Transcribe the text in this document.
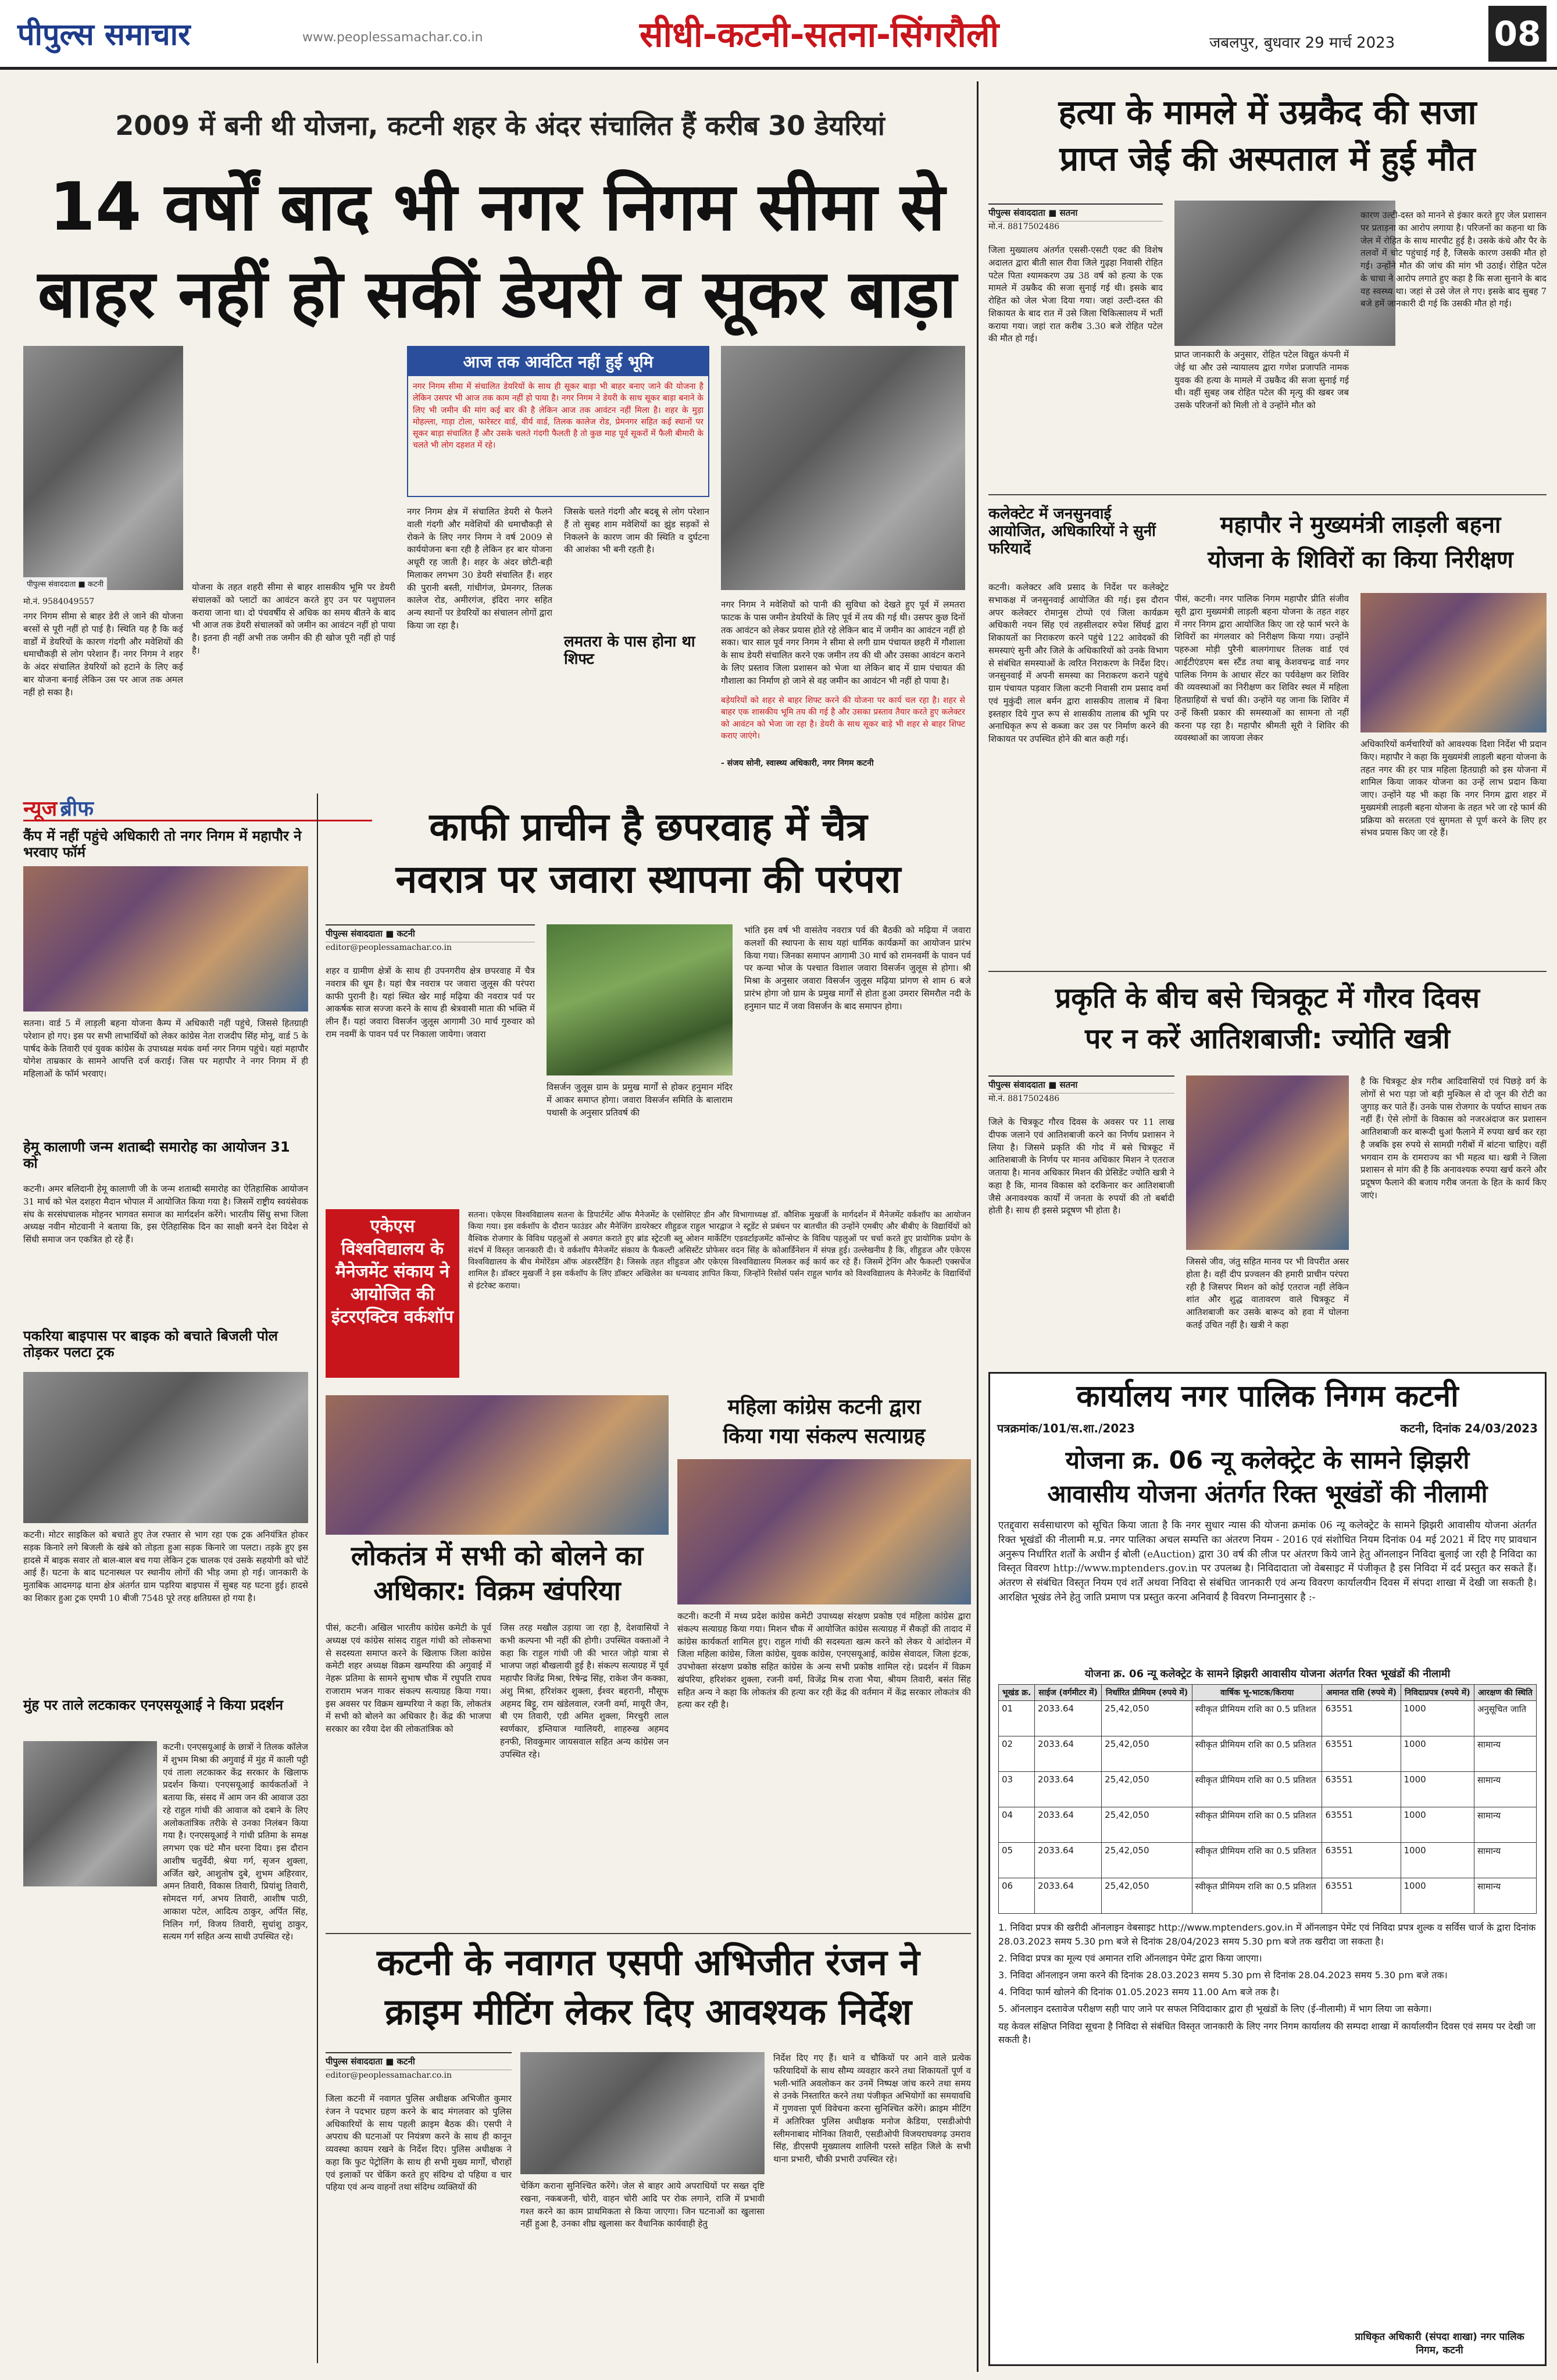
पीपुल्स समाचार	www.peoplessamachar.co.in	सीधी-कटनी-सतना-सिंगरौली	जबलपुर, बुधवार 29 मार्च 2023	08
2009 में बनी थी योजना, कटनी शहर के अंदर संचालित हैं करीब 30 डेयरियां
14 वर्षों बाद भी नगर निगम सीमा से
बाहर नहीं हो सकीं डेयरी व सूकर बाड़ा
पीपुल्स संवाददाता ■ कटनी
आज तक आवंटित नहीं हुई भूमि
नगर निगम सीमा में संचालित डेयरियों के साथ ही सूकर बाड़ा भी बाहर बनाए जाने की योजना है लेकिन उसपर भी आज तक काम नहीं हो पाया है। नगर निगम ने डेयरी के साथ सूकर बाड़ा बनाने के लिए भी जमीन की मांग कई बार की है लेकिन आज तक आवंटन नहीं मिला है। शहर के मुड़ा मोहल्ला, गाड़ा टोला, फारेस्टर वार्ड, वीर्य वार्ड, तिलक कालेज रोड, प्रेमनगर सहित कई स्थानों पर सूकर बाड़ा संचालित हैं और उसके चलते गंदगी फैलती है तो कुछ माह पूर्व सूकरों में फैली बीमारी के चलते भी लोग दहशत में रहे।
मो.नं. 9584049557
नगर निगम सीमा से बाहर डेरी ले जाने की योजना बरसों से पूरी नहीं हो पाई है। स्थिति यह है कि कई वार्डों में डेयरियों के कारण गंदगी और मवेशियों की धमाचौकड़ी से लोग परेशान हैं। नगर निगम ने शहर के अंदर संचालित डेयरियों को हटाने के लिए कई बार योजना बनाई लेकिन उस पर आज तक अमल नहीं हो सका है।
योजना के तहत शहरी सीमा से बाहर शासकीय भूमि पर डेयरी संचालकों को प्लाटों का आवंटन करते हुए उन पर पशुपालन कराया जाना था। दो पंचवर्षीय से अधिक का समय बीतने के बाद भी आज तक डेयरी संचालकों को जमीन का आवंटन नहीं हो पाया है। इतना ही नहीं अभी तक जमीन की ही खोज पूरी नहीं हो पाई है।
नगर निगम क्षेत्र में संचालित डेयरी से फैलने वाली गंदगी और मवेशियों की धमाचौकड़ी से रोकने के लिए नगर निगम ने वर्ष 2009 से कार्ययोजना बना रही है लेकिन हर बार योजना अधूरी रह जाती है। शहर के अंदर छोटी-बड़ी मिलाकर लगभग 30 डेयरी संचालित हैं। शहर की पुरानी बस्ती, गांधीगंज, प्रेमनगर, तिलक कालेज रोड, अमीरगंज, इंदिरा नगर सहित अन्य स्थानों पर डेयरियों का संचालन लोगों द्वारा किया जा रहा है।
जिसके चलते गंदगी और बदबू से लोग परेशान हैं तो सुबह शाम मवेशियों का झुंड सड़कों से निकलने के कारण जाम की स्थिति व दुर्घटना की आशंका भी बनी रहती है।
लमतरा के पास होना था शिफ्ट
नगर निगम ने मवेशियों को पानी की सुविधा को देखते हुए पूर्व में लमतरा फाटक के पास जमीन डेयरियों के लिए पूर्व में तय की गई थी। उसपर कुछ दिनों तक आवंटन को लेकर प्रयास होते रहे लेकिन बाद में जमीन का आवंटन नहीं हो सका। चार साल पूर्व नगर निगम ने सीमा से लगी ग्राम पंचायत छहरी में गौशाला के साथ डेयरी संचालित करने एक जमीन तय की थी और उसका आवंटन कराने के लिए प्रस्ताव जिला प्रशासन को भेजा था लेकिन बाद में ग्राम पंचायत की गौशाला का निर्माण हो जाने से वह जमीन का आवंटन भी नहीं हो पाया है।
बड़ेयरियों को शहर से बाहर शिफ्ट करने की योजना पर कार्य चल रहा है। शहर से बाहर एक शासकीय भूमि तय की गई है और उसका प्रस्ताव तैयार करते हुए कलेक्टर को आवंटन को भेजा जा रहा है। डेयरी के साथ सूकर बाड़े भी शहर से बाहर शिफ्ट कराए जाएंगे।
- संजय सोनी, स्वास्थ्य अधिकारी, नगर निगम कटनी
हत्या के मामले में उम्रकैद की सजा
प्राप्त जेई की अस्पताल में हुई मौत
पीपुल्स संवाददाता ■ सतना
मो.नं. 8817502486
जिला मुख्यालय अंतर्गत एससी-एसटी एक्ट की विशेष अदालत द्वारा बीती साल रीवा जिले गुढ़हा निवासी रोहित पटेल पिता श्यामकरण उम्र 38 वर्ष को हत्या के एक मामले में उम्रकैद की सजा सुनाई गई थी। इसके बाद रोहित को जेल भेजा दिया गया। जहां उल्टी-दस्त की शिकायत के बाद रात में उसे जिला चिकित्सालय में भर्ती कराया गया। जहां रात करीब 3.30 बजे रोहित पटेल की मौत हो गई।
प्राप्त जानकारी के अनुसार, रोहित पटेल विद्युत कंपनी में जेई था और उसे न्यायालय द्वारा गणेश प्रजापति नामक युवक की हत्या के मामले में उम्रकैद की सजा सुनाई गई थी। वहीं सुबह जब रोहित पटेल की मृत्यु की खबर जब उसके परिजनों को मिली तो वे उन्होंने मौत को
कारण उल्टी-दस्त को मानने से इंकार करते हुए जेल प्रशासन पर प्रताड़ना का आरोप लगाया है। परिजनों का कहना था कि जेल में रोहित के साथ मारपीट हुई है। उसके कंधे और पैर के तलवों में चोट पहुंचाई गई है, जिसके कारण उसकी मौत हो गई। उन्होंने मौत की जांच की मांग भी उठाई। रोहित पटेल के चाचा ने आरोप लगाते हुए कहा है कि सजा सुनाने के बाद वह स्वस्थ्य था। जहां से उसे जेल ले गए। इसके बाद सुबह 7 बजे हमें जानकारी दी गई कि उसकी मौत हो गई।
कलेक्टेट में जनसुनवाई आयोजित, अधिकारियों ने सुनीं फरियादें
कटनी। कलेक्टर अवि प्रसाद के निर्देश पर कलेक्ट्रेट सभाकक्ष में जनसुनवाई आयोजित की गई। इस दौरान अपर कलेक्टर रोमानुस टोप्पो एवं जिला कार्यक्रम अधिकारी नयन सिंह एवं तहसीलदार रुपेश सिंघई द्वारा शिकायतों का निराकरण करने पहुंचे 122 आवेदकों की समस्याएं सुनी और जिले के अधिकारियों को उनके विभाग से संबंधित समस्याओं के त्वरित निराकरण के निर्देश दिए। जनसुनवाई में अपनी समस्या का निराकरण कराने पहुंचे ग्राम पंचायत पड़वार जिला कटनी निवासी राम प्रसाद वर्मा एवं मुकुंदी लाल बर्मन द्वारा शासकीय तालाब में बिना इस्तहार दिये गुप्त रूप से शासकीय तालाब की भूमि पर अनाधिकृत रूप से कब्जा कर उस पर निर्माण करने की शिकायत पर उपस्थित होने की बात कही गई।
महापौर ने मुख्यमंत्री लाड़ली बहना
योजना के शिविरों का किया निरीक्षण
पीसं, कटनी। नगर पालिक निगम महापौर प्रीति संजीव सूरी द्वारा मुख्यमंत्री लाड़ली बहना योजना के तहत शहर में नगर निगम द्वारा आयोजित किए जा रहे फार्म भरने के शिविरों का मंगलवार को निरीक्षण किया गया। उन्होंने पहरुआ मोड़ी पुरैनी बालगंगाधर तिलक वार्ड एवं आईटीएंडएम बस स्टैंड तथा बाबू केशवचन्द्र वार्ड नगर पालिक निगम के आधार सेंटर का पर्यवेक्षण कर शिविर की व्यवस्थाओं का निरीक्षण कर शिविर स्थल में महिला हितग्राहियों से चर्चा की। उन्होंने यह जाना कि शिविर में उन्हें किसी प्रकार की समस्याओं का सामना तो नहीं करना पड़ रहा है। महापौर श्रीमती सूरी ने शिविर की व्यवस्थाओं का जायजा लेकर
अधिकारियों कर्मचारियों को आवश्यक दिशा निर्देश भी प्रदान किए। महापौर ने कहा कि मुख्यमंत्री लाड़ली बहना योजना के तहत नगर की हर पात्र महिला हितग्राही को इस योजना में शामिल किया जाकर योजना का उन्हें लाभ प्रदान किया जाए। उन्होंने यह भी कहा कि नगर निगम द्वारा शहर में मुख्यमंत्री लाड़ली बहना योजना के तहत भरे जा रहे फार्म की प्रक्रिया को सरलता एवं सुगमता से पूर्ण करने के लिए हर संभव प्रयास किए जा रहे हैं।
प्रकृति के बीच बसे चित्रकूट में गौरव दिवस
पर न करें आतिशबाजी: ज्योति खत्री
पीपुल्स संवाददाता ■ सतना
मो.नं. 8817502486
जिले के चित्रकूट गौरव दिवस के अवसर पर 11 लाख दीपक जलाने एवं आतिशबाजी करने का निर्णय प्रशासन ने लिया है। जिसमे प्रकृति की गोद में बसे चित्रकूट में आतिशबाजी के निर्णय पर मानव अधिकार मिशन ने एतराज जताया है। मानव अधिकार मिशन की प्रेसिडेंट ज्योति खत्री ने कहा है कि, मानव विकास को दरकिनार कर आतिशबाजी जैसे अनावश्यक कार्यों में जनता के रुपयों की तो बर्बादी होती है। साथ ही इससे प्रदूषण भी होता है।
जिससे जीव, जंतु सहित मानव पर भी विपरीत असर होता है। वहीं दीप प्रज्वलन की हमारी प्राचीन परंपरा रही है जिसपर मिशन को कोई एतराज नहीं लेकिन शांत और शुद्ध वातावरण वाले चित्रकूट में आतिशबाजी कर उसके बारूद को हवा में घोलना कतई उचित नहीं है। खत्री ने कहा
है कि चित्रकूट क्षेत्र गरीब आदिवासियों एवं पिछड़े वर्ग के लोगों से भरा पड़ा जो बड़ी मुश्किल से दो जून की रोटी का जुगाड़ कर पाते हैं। उनके पास रोजगार के पर्याप्त साधन तक नहीं हैं। ऐसे लोगों के विकास को नजरअंदाज कर प्रशासन आतिशबाजी कर बारूदी धुआं फैलाने में रुपया खर्च कर रहा है जबकि इस रुपये से सामग्री गरीबों में बांटना चाहिए। वहीं भगवान राम के रामराज्य का भी महत्व था। खत्री ने जिला प्रशासन से मांग की है कि अनावश्यक रुपया खर्च करने और प्रदूषण फैलाने की बजाय गरीब जनता के हित के कार्य किए जाएं।
कार्यालय नगर पालिक निगम कटनी
पत्रक्रमांक/101/स.शा./2023	कटनी, दिनांक 24/03/2023
योजना क्र. 06 न्यू कलेक्ट्रेट के सामने झिझरी
आवासीय योजना अंतर्गत रिक्त भूखंडों की नीलामी
एतद्द्वारा सर्वसाधारण को सूचित किया जाता है कि नगर सुधार न्यास की योजना क्रमांक 06 न्यू कलेक्ट्रेट के सामने झिझरी आवासीय योजना अंतर्गत रिक्त भूखंडों की नीलामी म.प्र. नगर पालिका अचल सम्पत्ति का अंतरण नियम - 2016 एवं संशोधित नियम दिनांक 04 मई 2021 में दिए गए प्रावधान अनुरूप निर्धारित शर्तों के अधीन ई बोली (eAuction) द्वारा 30 वर्ष की लीज पर अंतरण किये जाने हेतु ऑनलाइन निविदा बुलाई जा रही है निविदा का विस्तृत विवरण http://www.mptenders.gov.in पर उपलब्ध है। निविदादाता जो वेबसाइट में पंजीकृत है इस निविदा में दर्द प्रस्तुत कर सकते हैं। अंतरण से संबंधित विस्तृत नियम एवं शर्तें अथवा निविदा से संबंधित जानकारी एवं अन्य विवरण कार्यालयीन दिवस में संपदा शाखा में देखी जा सकती है। आरक्षित भूखंड लेने हेतु जाति प्रमाण पत्र प्रस्तुत करना अनिवार्य है विवरण निम्नानुसार है :-
योजना क्र. 06 न्यू कलेक्ट्रेट के सामने झिझरी आवासीय योजना अंतर्गत रिक्त भूखंडों की नीलामी
भूखंड क्र.	साईज (वर्गमीटर में)	निर्धारित प्रीमियम (रुपये में)	वार्षिक भू-भाटक/किराया	अमानत राशि (रुपये में)	निविदाप्रपत्र (रुपये में)	आरक्षण की स्थिति
01	2033.64	25,42,050	स्वीकृत प्रीमियम राशि का 0.5 प्रतिशत	63551	1000	अनुसूचित जाति
02	2033.64	25,42,050	स्वीकृत प्रीमियम राशि का 0.5 प्रतिशत	63551	1000	सामान्य
03	2033.64	25,42,050	स्वीकृत प्रीमियम राशि का 0.5 प्रतिशत	63551	1000	सामान्य
04	2033.64	25,42,050	स्वीकृत प्रीमियम राशि का 0.5 प्रतिशत	63551	1000	सामान्य
05	2033.64	25,42,050	स्वीकृत प्रीमियम राशि का 0.5 प्रतिशत	63551	1000	सामान्य
06	2033.64	25,42,050	स्वीकृत प्रीमियम राशि का 0.5 प्रतिशत	63551	1000	सामान्य
1. निविदा प्रपत्र की खरीदी ऑनलाइन वेबसाइट http://www.mptenders.gov.in में ऑनलाइन पेमेंट एवं निविदा प्रपत्र शुल्क व सर्विस चार्ज के द्वारा दिनांक 28.03.2023 समय 5.30 pm बजे से दिनांक 28/04/2023 समय 5.30 pm बजे तक खरीदा जा सकता है।
2. निविदा प्रपत्र का मूल्य एवं अमानत राशि ऑनलाइन पेमेंट द्वारा किया जाएगा।
3. निविदा ऑनलाइन जमा करने की दिनांक 28.03.2023 समय 5.30 pm से दिनांक 28.04.2023 समय 5.30 pm बजे तक।
4. निविदा फार्म खोलने की दिनांक 01.05.2023 समय 11.00 Am बजे तक है।
5. ऑनलाइन दस्तावेज परीक्षण सही पाए जाने पर सफल निविदाकार द्वारा ही भूखंडों के लिए (ई-नीलामी) में भाग लिया जा सकेगा।
यह केवल संक्षिप्त निविदा सूचना है निविदा से संबंधित विस्तृत जानकारी के लिए नगर निगम कार्यालय की सम्पदा शाखा में कार्यालयीन दिवस एवं समय पर देखी जा सकती है।
प्राधिकृत अधिकारी (संपदा शाखा) नगर पालिक निगम, कटनी
न्यूज ब्रीफ
कैंप में नहीं पहुंचे अधिकारी तो नगर निगम में महापौर ने भरवाए फॉर्म
सतना। वार्ड 5 में लाड़ली बहना योजना कैम्प में अधिकारी नहीं पहुंचे, जिससे हितग्राही परेशान हो गए। इस पर सभी लाभार्थियों को लेकर कांग्रेस नेता राजदीप सिंह मोनू, वार्ड 5 के पार्षद केके तिवारी एवं युवक कांग्रेस के उपाध्यक्ष मयंक वर्मा नगर निगम पहुंचे। यहां महापौर योगेश ताम्रकार के सामने आपत्ति दर्ज कराई। जिस पर महापौर ने नगर निगम में ही महिलाओं के फॉर्म भरवाए।
हेमू कालाणी जन्म शताब्दी समारोह का आयोजन 31 को
कटनी। अमर बलिदानी हेमू कालाणी जी के जन्म शताब्दी समारोह का ऐतिहासिक आयोजन 31 मार्च को भेल दशहरा मैदान भोपाल में आयोजित किया गया है। जिसमें राष्ट्रीय स्वयंसेवक संघ के सरसंघचालक मोहनर भागवत समाज का मार्गदर्शन करेंगे। भारतीय सिंधु सभा जिला अध्यक्ष नवीन मोटवानी ने बताया कि, इस ऐतिहासिक दिन का साक्षी बनने देश विदेश से सिंधी समाज जन एकत्रित हो रहे हैं।
पकरिया बाइपास पर बाइक को बचाते बिजली पोल तोड़कर पलटा ट्रक
कटनी। मोटर साइकिल को बचाते हुए तेज रफ्तार से भाग रहा एक ट्रक अनियंत्रित होकर सड़क किनारे लगे बिजली के खंबे को तोड़ता हुआ सड़क किनारे जा पलटा। तड़के हुए इस हादसे में बाइक सवार तो बाल-बाल बच गया लेकिन ट्रक चालक एवं उसके सहयोगी को चोटें आई हैं। घटना के बाद घटनास्थल पर स्थानीय लोगों की भीड़ जमा हो गई। जानकारी के मुताबिक आदमगढ़ थाना क्षेत्र अंतर्गत ग्राम पड़रिया बाइपास में सुबह यह घटना हुई। हादसे का शिकार हुआ ट्रक एमपी 10 बीजी 7548 पूरे तरह क्षतिग्रस्त हो गया है।
मुंह पर ताले लटकाकर एनएसयूआई ने किया प्रदर्शन
कटनी। एनएसयूआई के छात्रों ने तिलक कॉलेज में शुभम मिश्रा की अगुवाई में मुंह में काली पट्टी एवं ताला लटकाकर केंद्र सरकार के खिलाफ प्रदर्शन किया। एनएसयूआई कार्यकर्ताओं ने बताया कि, संसद में आम जन की आवाज उठा रहे राहुल गांधी की आवाज को दबाने के लिए अलोकतांत्रिक तरीके से उनका निलंबन किया गया है। एनएसयूआई ने गांधी प्रतिमा के समक्ष लगभग एक घंटे मौन धरना दिया। इस दौरान आशीष चतुर्वेदी, श्रेया गर्ग, सृजन शुक्ला, अर्जित खरे, आशुतोष दुबे, शुभम अहिरवार, अमन तिवारी, विकास तिवारी, प्रियांशु तिवारी, सोमदत्त गर्ग, अभय तिवारी, आशीष पाठी, आकाश पटेल, आदित्य ठाकुर, अर्पित सिंह, निलिन गर्ग, विजय तिवारी, सुधांशु ठाकुर, सत्यम गर्ग सहित अन्य साथी उपस्थित रहे।
काफी प्राचीन है छपरवाह में चैत्र
नवरात्र पर जवारा स्थापना की परंपरा
पीपुल्स संवाददाता ■ कटनी
editor@peoplessamachar.co.in
शहर व ग्रामीण क्षेत्रों के साथ ही उपनगरीय क्षेत्र छपरवाह में चैत्र नवरात्र की धूम है। यहां चैत्र नवरात्र पर जवारा जुलूस की परंपरा काफी पुरानी है। यहां स्थित खेर माई मढ़िया की नवरात्र पर्व पर आकर्षक साज सज्जा करने के साथ ही श्रेत्रवासी माता की भक्ति में लीन हैं। यहां जवारा विसर्जन जुलूस आगामी 30 मार्च गुरुवार को राम नवमीं के पावन पर्व पर निकाला जायेगा। जवारा
विसर्जन जुलूस ग्राम के प्रमुख मार्गों से होकर हनुमान मंदिर में आकर समाप्त होगा। जवारा विसर्जन समिति के बालाराम पथासी के अनुसार प्रतिवर्ष की
भांति इस वर्ष भी वासंतेय नवरात्र पर्व की बैठकी को मढ़िया में जवारा कलशों की स्थापना के साथ यहां धार्मिक कार्यक्रमों का आयोजन प्रारंभ किया गया। जिनका समापन आगामी 30 मार्च को रामनवमीं के पावन पर्व पर कन्या भोज के पश्चात विशाल जवारा विसर्जन जुलूस से होगा। श्री मिश्रा के अनुसार जवारा विसर्जन जुलूस मढ़िया प्रांगण से शाम 6 बजे प्रारंभ होगा जो ग्राम के प्रमुख मार्गों से होता हुआ उमरार सिमरौल नदी के हनुमान घाट में जवा विसर्जन के बाद समापन होगा।
एकेएस विश्वविद्यालय के मैनेजमेंट संकाय ने आयोजित की इंटरएक्टिव वर्कशॉप
सतना। एकेएस विश्वविद्यालय सतना के डिपार्टमेंट ऑफ मैनेजमेंट के एसोसिएट डीन और विभागाध्यक्ष डॉ. कौशिक मुखर्जी के मार्गदर्शन में मैनेजमेंट वर्कशॉप का आयोजन किया गया। इस वर्कशॉप के दौरान फाउंडर और मैनेजिंग डायरेक्टर शीहुडज राहुल भारद्वाज ने स्टूडेंट से प्रबंधन पर बातचीत की उन्होंने एमबीए और बीबीए के विद्यार्थियों को वैश्विक रोजगार के विविध पहलुओं से अवगत कराते हुए ब्रांड स्ट्रेटजी ब्लू ओशन मार्केटिंग एडवर्टाइजमेंट कॉन्सेप्ट के विविध पहलुओं पर चर्चा करते हुए प्रायोगिक प्रयोग के संदर्भ में विस्तृत जानकारी दी। ये वर्कशॉप मैनेजमेंट संकाय के फैकल्टी असिस्टेंट प्रोफेसर वदन सिंह के कोआर्डिनेशन में संपन्न हुई। उल्लेखनीय है कि, शीहुडज और एकेएस विश्वविद्यालय के बीच मेमोरेंडम ऑफ अंडरस्टैंडिंग है। जिसके तहत शीहुडज और एकेएस विश्वविद्यालय मिलकर कई कार्य कर रहे हैं। जिसमें ट्रेनिंग और फैकल्टी एक्सचेंज शामिल है। डॉक्टर मुखर्जी ने इस वर्कशॉप के लिए डॉक्टर अखिलेश का धन्यवाद ज्ञापित किया, जिन्होंने रिसोर्स पर्सन राहुल भार्गव को विश्वविद्यालय के मैनेजमेंट के विद्यार्थियों से इंटरेक्ट कराया।
लोकतंत्र में सभी को बोलने का
अधिकार: विक्रम खंपरिया
पीसं, कटनी। अखिल भारतीय कांग्रेस कमेटी के पूर्व अध्यक्ष एवं कांग्रेस सांसद राहुल गांधी को लोकसभा से सदस्यता समाप्त करने के खिलाफ जिला कांग्रेस कमेटी शहर अध्यक्ष विक्रम खम्परिया की अगुवाई में नेहरू प्रतिमा के सामने सुभाष चौक में रघुपति राघव राजाराम भजन गाकर संकल्प सत्याग्रह किया गया। इस अवसर पर विक्रम खम्परिया ने कहा कि, लोकतंत्र में सभी को बोलने का अधिकार है। केंद्र की भाजपा सरकार का रवैया देश की लोकतांत्रिक को
जिस तरह मखौल उड़ाया जा रहा है, देशवासियों ने कभी कल्पना भी नहीं की होगी। उपस्थित वक्ताओं ने कहा कि राहुल गांधी जी की भारत जोड़ो यात्रा से भाजपा जहां बौखलायी हुई है। संकल्प सत्याग्रह में पूर्व महापौर विजेंद्र मिश्रा, रिषेन्द्र सिंह, राकेश जैन कक्का, अंशु मिश्रा, हरिशंकर शुक्ला, ईश्वर बहरानी, मौसूफ अहमद बिट्टू, राम खंडेलवाल, रजनी वर्मा, मायूरी जैन, बी एम तिवारी, एडी अमित शुक्ला, मिरचुरी लाल स्वर्णकार, इम्तियाज ग्वालियरी, शाहरुख अहमद हनफी, शिवकुमार जायसवाल सहित अन्य कांग्रेस जन उपस्थित रहे।
महिला कांग्रेस कटनी द्वारा
किया गया संकल्प सत्याग्रह
कटनी। कटनी में मध्य प्रदेश कांग्रेस कमेटी उपाध्यक्ष संरक्षण प्रकोष्ठ एवं महिला कांग्रेस द्वारा संकल्प सत्याग्रह किया गया। मिशन चौक में आयोजित कांग्रेस सत्याग्रह में सैकड़ों की तादाद में कांग्रेस कार्यकर्ता शामिल हुए। राहुल गांधी की सदस्यता खत्म करने को लेकर ये आंदोलन में जिला महिला कांग्रेस, जिला कांग्रेस, युवक कांग्रेस, एनएसयूआई, कांग्रेस सेवादल, जिला इंटक, उपभोक्ता संरक्षण प्रकोष्ठ सहित कांग्रेस के अन्य सभी प्रकोष्ठ शामिल रहे। प्रदर्शन में विक्रम खंपरिया, हरिशंकर शुक्ला, रजनी वर्मा, विजेंद्र मिश्र राजा भैया, श्रीयम तिवारी, बसंत सिंह सहित अन्य ने कहा कि लोकतंत्र की हत्या कर रही केंद्र की वर्तमान में केंद्र सरकार लोकतंत्र की हत्या कर रही है।
कटनी के नवागत एसपी अभिजीत रंजन ने
क्राइम मीटिंग लेकर दिए आवश्यक निर्देश
पीपुल्स संवाददाता ■ कटनी
editor@peoplessamachar.co.in
जिला कटनी में नवागत पुलिस अधीक्षक अभिजीत कुमार रंजन ने पदभार ग्रहण करने के बाद मंगलवार को पुलिस अधिकारियों के साथ पहली क्राइम बैठक की। एसपी ने अपराध की घटनाओं पर नियंत्रण करने के साथ ही कानून व्यवस्था कायम रखने के निर्देश दिए। पुलिस अधीक्षक ने कहा कि फुट पेट्रोलिंग के साथ ही सभी मुख्य मार्गों, चौराहों एवं इलाकों पर चेकिंग करते हुए संदिग्ध दो पहिया व चार पहिया एवं अन्य वाहनों तथा संदिग्ध व्यक्तियों की	चेकिंग कराना सुनिश्चित करेंगे। जेल से बाहर आये अपराधियों पर सख्त दृष्टि रखना, नकबजनी, चोरी, वाहन चोरी आदि पर रोक लगाने, राजि में प्रभावी गश्त करने का काम प्राथमिकता से किया जाएगा। जिन घटनाओं का खुलासा नहीं हुआ है, उनका शीघ्र खुलासा कर वैधानिक कार्यवाही हेतु
निर्देश दिए गए हैं। थाने व चौकियों पर आने वाले प्रत्येक फरियादियों के साथ सौम्य व्यवहार करने तथा शिकायतों पूर्ण व भली-भांति अवलोकन कर उनमें निष्पक्ष जांच करने तथा समय से उनके निस्तारित करने तथा पंजीकृत अभियोगों का समयावधि में गुणवत्ता पूर्ण विवेचना करना सुनिश्चित करेंगे। क्राइम मीटिंग में अतिरिक्त पुलिस अधीक्षक मनोज केडिया, एसडीओपी स्लीमनाबाद मोनिका तिवारी, एसडीओपी विजयराघवगढ़ उमराव सिंह, डीएसपी मुख्यालय शालिनी परस्ते सहित जिले के सभी थाना प्रभारी, चौकी प्रभारी उपस्थित रहे।
